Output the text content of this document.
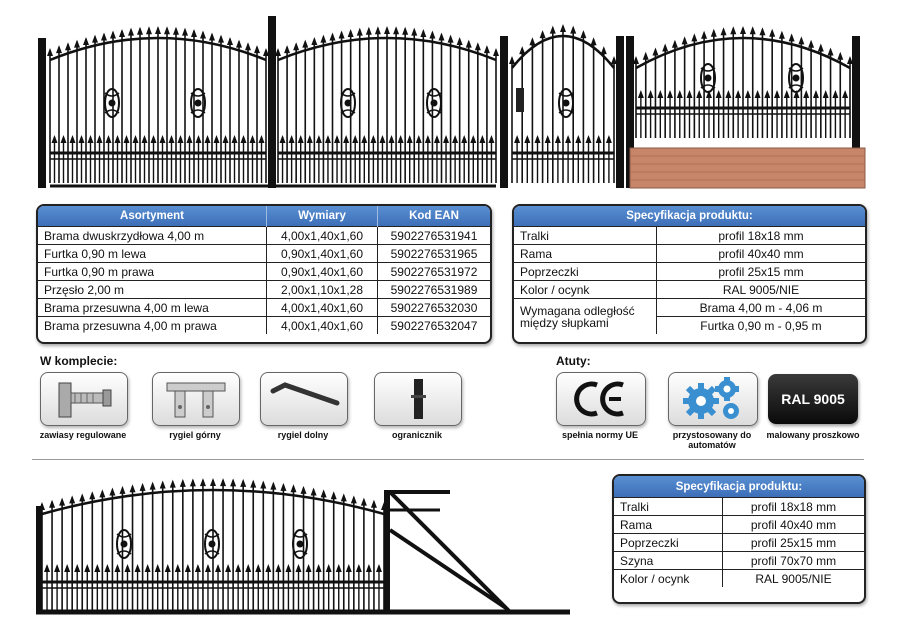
Asortyment	Wymiary	Kod EAN
Brama dwuskrzydłowa 4,00 m	4,00x1,40x1,60	5902276531941
Furtka 0,90 m lewa	0,90x1,40x1,60	5902276531965
Furtka 0,90 m prawa	0,90x1,40x1,60	5902276531972
Przęsło 2,00 m	2,00x1,10x1,28	5902276531989
Brama przesuwna 4,00 m lewa	4,00x1,40x1,60	5902276532030
Brama przesuwna 4,00 m prawa	4,00x1,40x1,60	5902276532047
Specyfikacja produktu:	
Tralki	profil 18x18 mm
Rama	profil 40x40 mm
Poprzeczki	profil 25x15 mm
Kolor / ocynk	RAL 9005/NIE
Wymagana odległość
między słupkami	Brama 4,00 m - 4,06 m
	Furtka 0,90 m - 0,95 m
W komplecie:
zawiasy regulowane	rygiel górny	rygiel dolny	ogranicznik
Atuty:
spełnia normy UE	przystosowany do
automatów
RAL 9005
malowany proszkowo
Specyfikacja produktu:	
Tralki	profil 18x18 mm
Rama	profil 40x40 mm
Poprzeczki	profil 25x15 mm
Szyna	profil 70x70 mm
Kolor / ocynk	RAL 9005/NIE
